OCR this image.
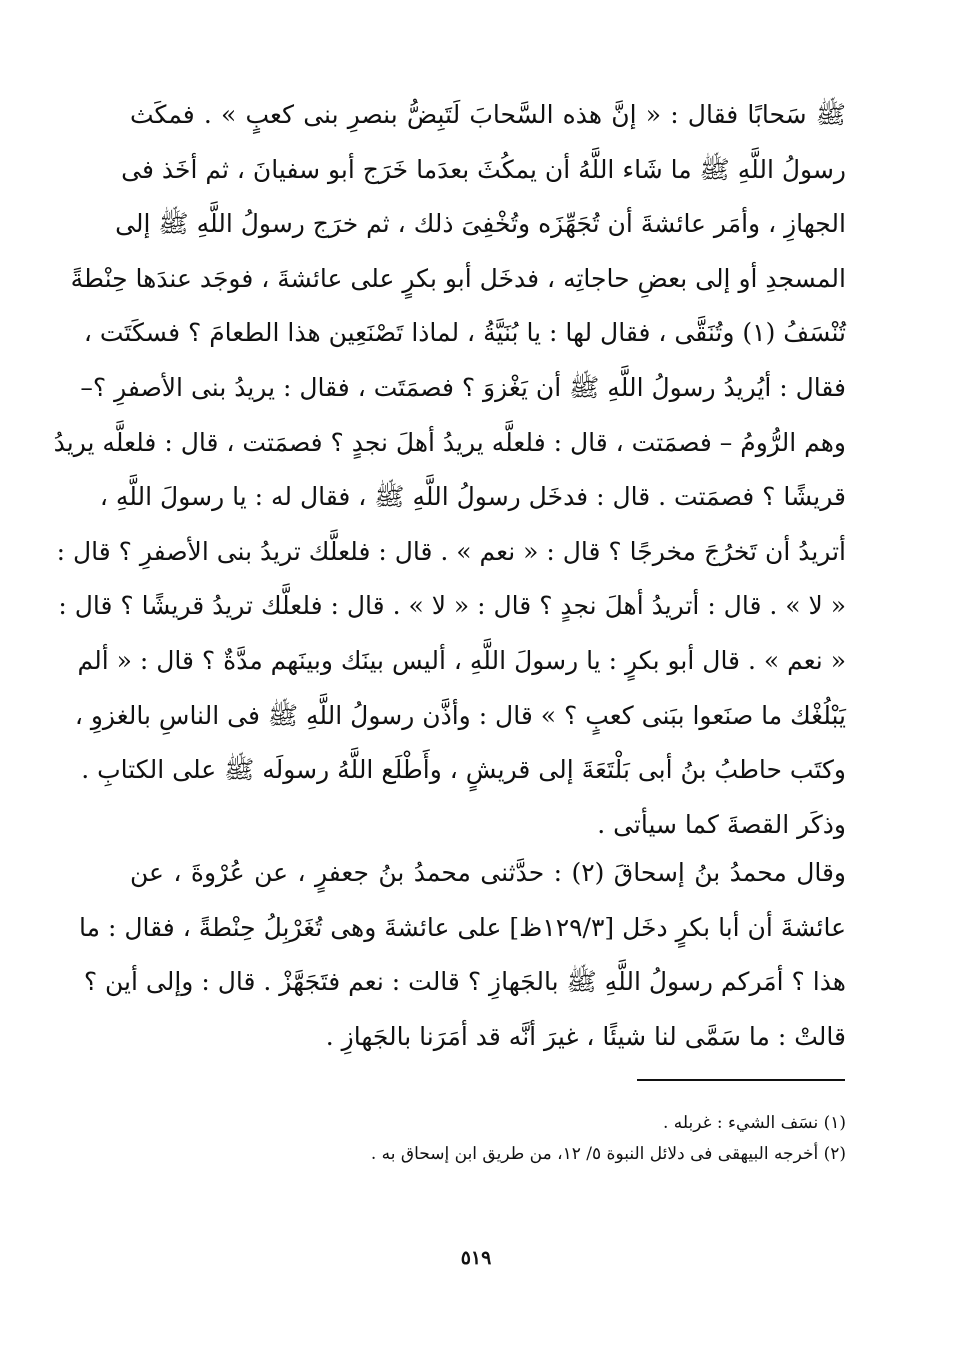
ﷺ سَحابًا فقال : « إنَّ هذه السَّحابَ لَتَبِضُّ بنصرِ بنى كعبٍ » . فمكَث
رسولُ اللَّهِ ﷺ ما شَاء اللَّهُ أن يمكُثَ بعدَما خَرَج أبو سفيانَ ، ثم أخَذ فى
الجهازِ ، وأمَر عائشةَ أن تُجَهِّزَه وتُخْفِىَ ذلك ، ثم خرَج رسولُ اللَّهِ ﷺ إلى
المسجدِ أو إلى بعضِ حاجاتِه ، فدخَل أبو بكرٍ على عائشةَ ، فوجَد عندَها حِنْطةً
تُنْسَفُ (١) وتُنَقَّى ، فقال لها : يا بُنَيَّةُ ، لماذا تَصْنَعِين هذا الطعامَ ؟ فسكَتَت ،
فقال : أيُريدُ رسولُ اللَّهِ ﷺ أن يَغْزوَ ؟ فصمَتَت ، فقال : يريدُ بنى الأصفرِ ؟–
وهم الرُّومُ – فصمَتت ، قال : فلعلَّه يريدُ أهلَ نجدٍ ؟ فصمَتت ، قال : فلعلَّه يريدُ
قريشًا ؟ فصمَتت . قال : فدخَل رسولُ اللَّهِ ﷺ ، فقال له : يا رسولَ اللَّهِ ،
أتريدُ أن تَخرُجَ مخرجًا ؟ قال : « نعم » . قال : فلعلَّك تريدُ بنى الأصفرِ ؟ قال :
« لا » . قال : أتريدُ أهلَ نجدٍ ؟ قال : « لا » . قال : فلعلَّك تريدُ قريشًا ؟ قال :
« نعم » . قال أبو بكرٍ : يا رسولَ اللَّهِ ، أليس بينَك وبينَهم مدَّةٌ ؟ قال : « ألم
يَبْلُغْك ما صنَعوا ببَنى كعبٍ ؟ » قال : وأذَّن رسولُ اللَّهِ ﷺ فى الناسِ بالغزوِ ،
وكتَب حاطبُ بنُ أبى بَلْتَعَةَ إلى قريشٍ ، وأَطْلَع اللَّهُ رسولَه ﷺ على الكتابِ .
وذكَر القصةَ كما سيأتى .
وقال محمدُ بنُ إسحاقَ (٢) : حدَّثنى محمدُ بنُ جعفرٍ ، عن عُرْوةَ ، عن
عائشةَ أن أبا بكرٍ دخَل [١٢٩/٣ظ] على عائشةَ وهى تُغَرْبِلُ حِنْطةً ، فقال : ما
هذا ؟ أمَركم رسولُ اللَّهِ ﷺ بالجَهازِ ؟ قالت : نعم فتَجَهَّزْ . قال : وإلى أين ؟
قالتْ : ما سَمَّى لنا شيئًا ، غيرَ أنَّه قد أمَرَنا بالجَهازِ .
(١) نسَف الشيء : غربله .
(٢) أخرجه البيهقى فى دلائل النبوة ٥/ ١٢، من طريق ابن إسحاق به .
٥١٩
